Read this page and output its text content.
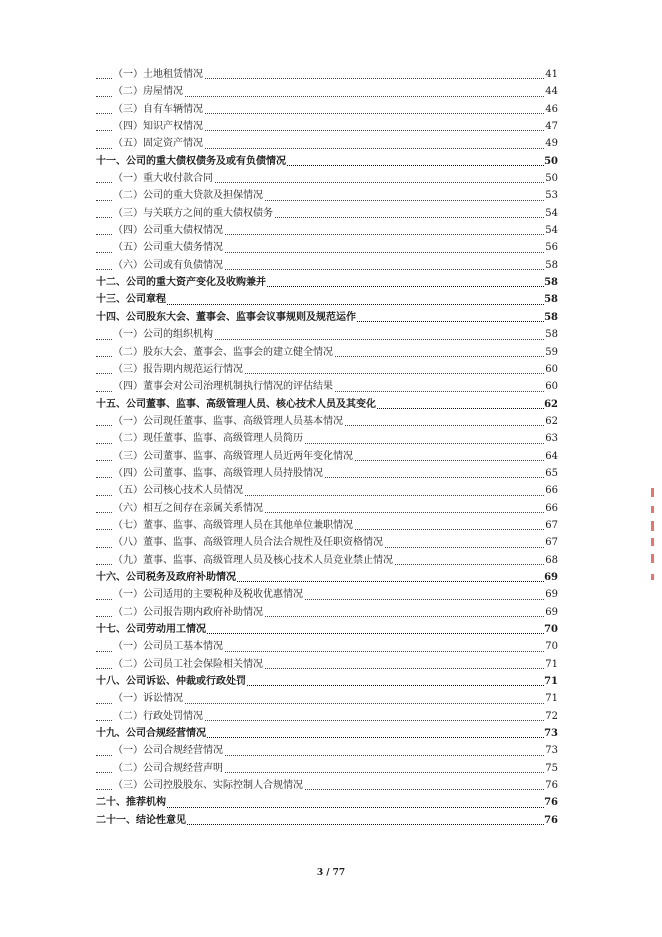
（一）土地租赁情况	41
（二）房屋情况	44
（三）自有车辆情况	46
（四）知识产权情况	47
（五）固定资产情况	49
十一、公司的重大债权债务及或有负债情况	50
（一）重大收付款合同	50
（二）公司的重大贷款及担保情况	53
（三）与关联方之间的重大债权债务	54
（四）公司重大债权情况	54
（五）公司重大债务情况	56
（六）公司或有负债情况	58
十二、公司的重大资产变化及收购兼并	58
十三、公司章程	58
十四、公司股东大会、董事会、监事会议事规则及规范运作	58
（一）公司的组织机构	58
（二）股东大会、董事会、监事会的建立健全情况	59
（三）报告期内规范运行情况	60
（四）董事会对公司治理机制执行情况的评估结果	60
十五、公司董事、监事、高级管理人员、核心技术人员及其变化	62
（一）公司现任董事、监事、高级管理人员基本情况	62
（二）现任董事、监事、高级管理人员简历	63
（三）公司董事、监事、高级管理人员近两年变化情况	64
（四）公司董事、监事、高级管理人员持股情况	65
（五）公司核心技术人员情况	66
（六）相互之间存在亲属关系情况	66
（七）董事、监事、高级管理人员在其他单位兼职情况	67
（八）董事、监事、高级管理人员合法合规性及任职资格情况	67
（九）董事、监事、高级管理人员及核心技术人员竞业禁止情况	68
十六、公司税务及政府补助情况	69
（一）公司适用的主要税种及税收优惠情况	69
（二）公司报告期内政府补助情况	69
十七、公司劳动用工情况	70
（一）公司员工基本情况	70
（二）公司员工社会保险相关情况	71
十八、公司诉讼、仲裁或行政处罚	71
（一）诉讼情况	71
（二）行政处罚情况	72
十九、公司合规经营情况	73
（一）公司合规经营情况	73
（二）公司合规经营声明	75
（三）公司控股股东、实际控制人合规情况	76
二十、推荐机构	76
二十一、结论性意见	76
3 / 77
